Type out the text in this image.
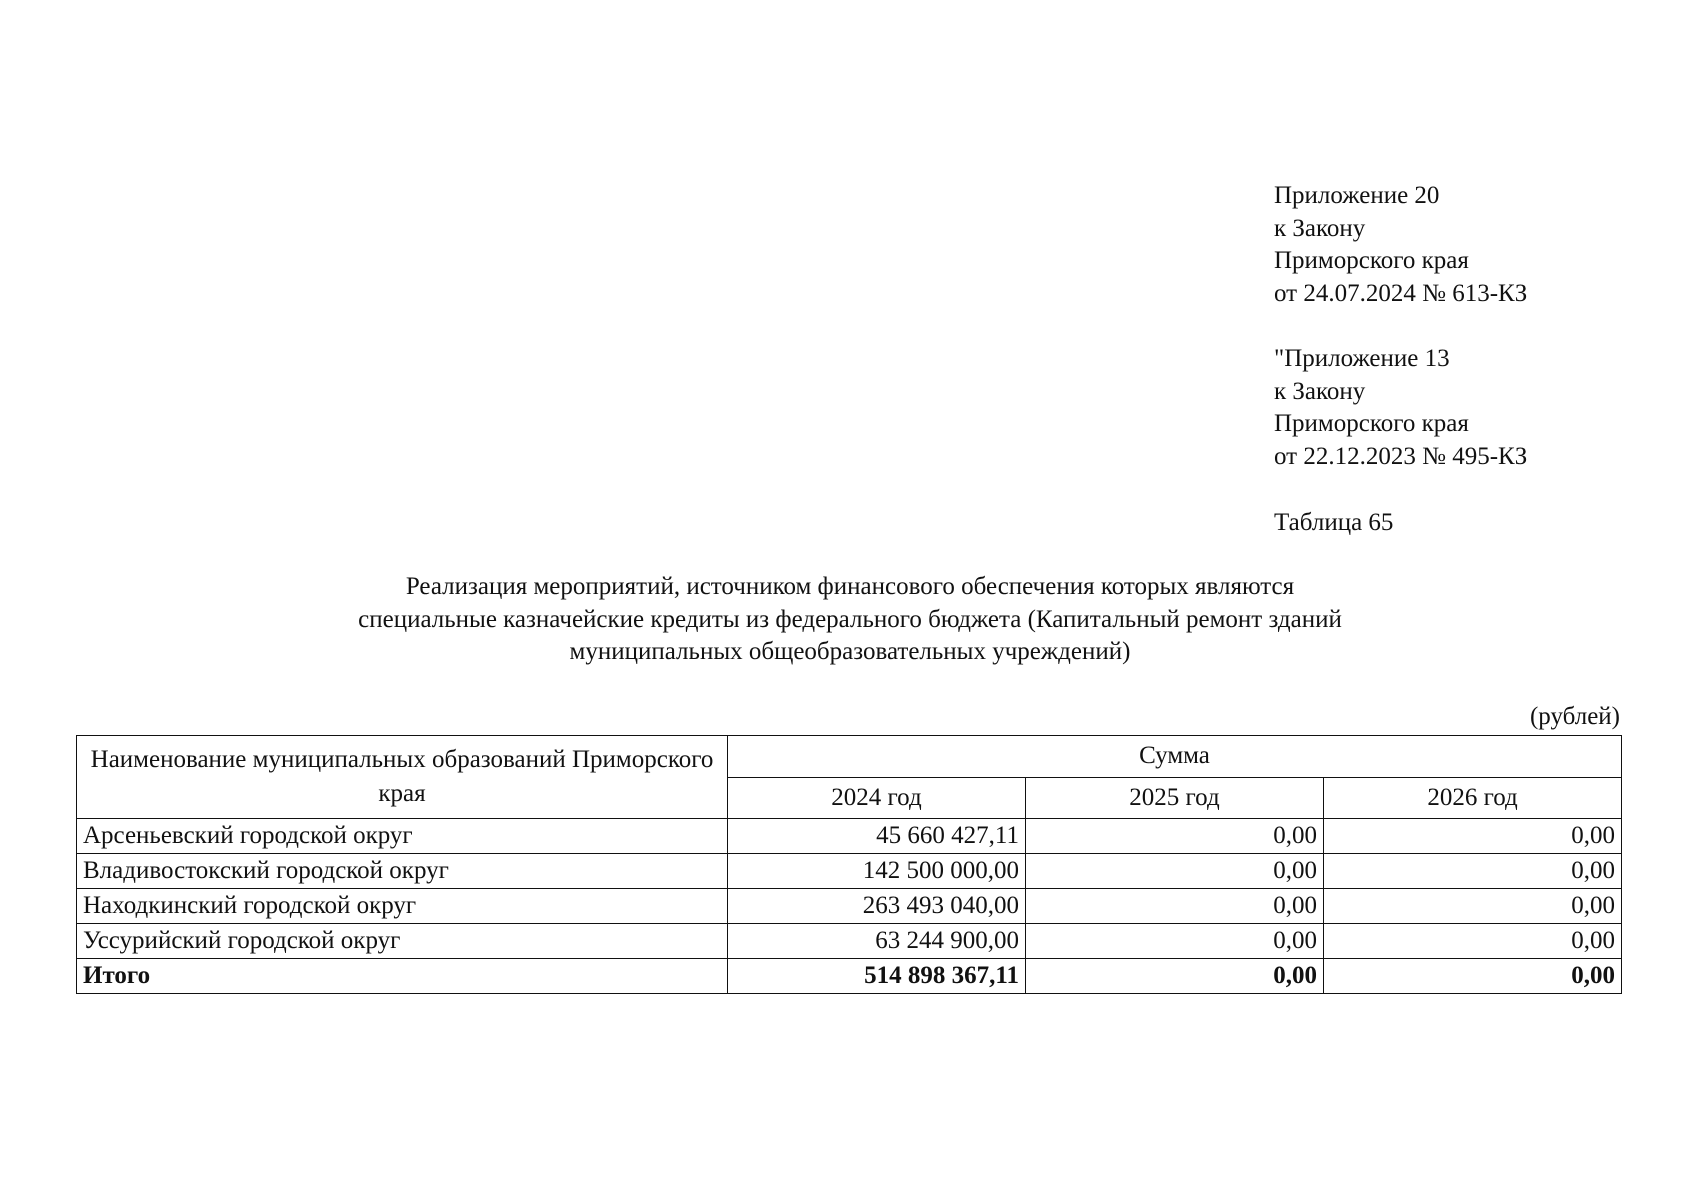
Приложение 20
к Закону
Приморского края
от 24.07.2024 № 613-КЗ
"Приложение 13
к Закону
Приморского края
от 22.12.2023 № 495-КЗ
Таблица 65
Реализация мероприятий, источником финансового обеспечения которых являются
специальные казначейские кредиты из федерального бюджета (Капитальный ремонт зданий
муниципальных общеобразовательных учреждений)
(рублей)
Наименование муниципальных образований Приморского края	Сумма		
	2024 год	2025 год	2026 год
Арсеньевский городской округ	45 660 427,11	0,00	0,00
Владивостокский городской округ	142 500 000,00	0,00	0,00
Находкинский городской округ	263 493 040,00	0,00	0,00
Уссурийский городской округ	63 244 900,00	0,00	0,00
Итого	514 898 367,11	0,00	0,00
